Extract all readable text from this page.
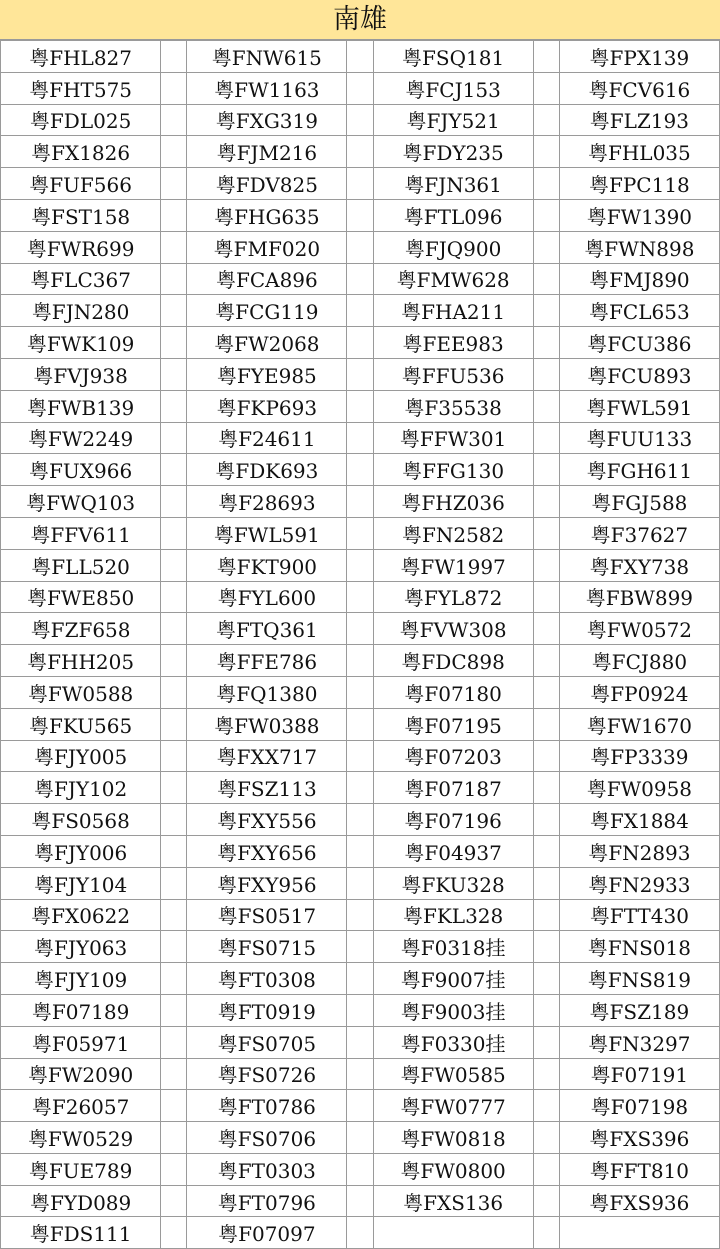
南雄
粤FHL827		粤FNW615		粤FSQ181		粤FPX139
粤FHT575		粤FW1163		粤FCJ153		粤FCV616
粤FDL025		粤FXG319		粤FJY521		粤FLZ193
粤FX1826		粤FJM216		粤FDY235		粤FHL035
粤FUF566		粤FDV825		粤FJN361		粤FPC118
粤FST158		粤FHG635		粤FTL096		粤FW1390
粤FWR699		粤FMF020		粤FJQ900		粤FWN898
粤FLC367		粤FCA896		粤FMW628		粤FMJ890
粤FJN280		粤FCG119		粤FHA211		粤FCL653
粤FWK109		粤FW2068		粤FEE983		粤FCU386
粤FVJ938		粤FYE985		粤FFU536		粤FCU893
粤FWB139		粤FKP693		粤F35538		粤FWL591
粤FW2249		粤F24611		粤FFW301		粤FUU133
粤FUX966		粤FDK693		粤FFG130		粤FGH611
粤FWQ103		粤F28693		粤FHZ036		粤FGJ588
粤FFV611		粤FWL591		粤FN2582		粤F37627
粤FLL520		粤FKT900		粤FW1997		粤FXY738
粤FWE850		粤FYL600		粤FYL872		粤FBW899
粤FZF658		粤FTQ361		粤FVW308		粤FW0572
粤FHH205		粤FFE786		粤FDC898		粤FCJ880
粤FW0588		粤FQ1380		粤F07180		粤FP0924
粤FKU565		粤FW0388		粤F07195		粤FW1670
粤FJY005		粤FXX717		粤F07203		粤FP3339
粤FJY102		粤FSZ113		粤F07187		粤FW0958
粤FS0568		粤FXY556		粤F07196		粤FX1884
粤FJY006		粤FXY656		粤F04937		粤FN2893
粤FJY104		粤FXY956		粤FKU328		粤FN2933
粤FX0622		粤FS0517		粤FKL328		粤FTT430
粤FJY063		粤FS0715		粤F0318挂		粤FNS018
粤FJY109		粤FT0308		粤F9007挂		粤FNS819
粤F07189		粤FT0919		粤F9003挂		粤FSZ189
粤F05971		粤FS0705		粤F0330挂		粤FN3297
粤FW2090		粤FS0726		粤FW0585		粤F07191
粤F26057		粤FT0786		粤FW0777		粤F07198
粤FW0529		粤FS0706		粤FW0818		粤FXS396
粤FUE789		粤FT0303		粤FW0800		粤FFT810
粤FYD089		粤FT0796		粤FXS136		粤FXS936
粤FDS111		粤F07097				
